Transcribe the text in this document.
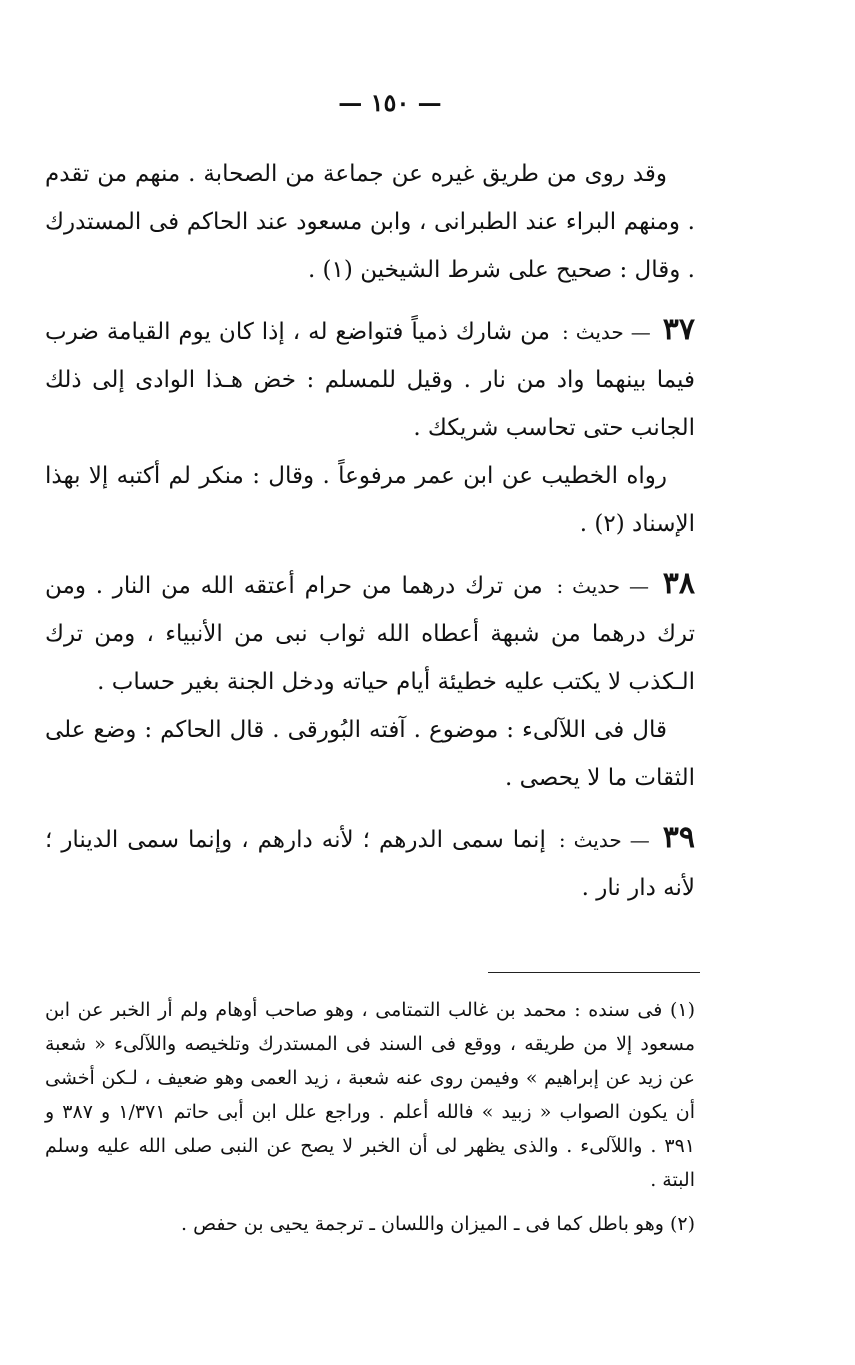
— ١٥٠ —

وقد روى من طريق غيره عن جماعة من الصحابة . منهم من تقدم . ومنهم البراء عند الطبرانى ، وابن مسعود عند الحاكم فى المستدرك . وقال : صحيح على شرط الشيخين (١) .

٣٧ — حديث : من شارك ذمياً فتواضع له ، إذا كان يوم القيامة ضرب فيما بينهما واد من نار . وقيل للمسلم : خض هـذا الوادى إلى ذلك الجانب حتى تحاسب شريكك .

رواه الخطيب عن ابن عمر مرفوعاً . وقال : منكر لم أكتبه إلا بهذا الإسناد (٢) .

٣٨ — حديث : من ترك درهما من حرام أعتقه الله من النار . ومن ترك درهما من شبهة أعطاه الله ثواب نبى من الأنبياء ، ومن ترك الـكذب لا يكتب عليه خطيئة أيام حياته ودخل الجنة بغير حساب .

قال فى اللآلىء : موضوع . آفته البُورقى . قال الحاكم : وضع على الثقات ما لا يحصى .

٣٩ — حديث : إنما سمى الدرهم ؛ لأنه دارهم ، وإنما سمى الدينار ؛ لأنه دار نار .

(١) فى سنده : محمد بن غالب التمتامى ، وهو صاحب أوهام ولم أر الخبر عن ابن مسعود إلا من طريقه ، ووقع فى السند فى المستدرك وتلخيصه واللآلىء « شعبة عن زيد عن إبراهيم » وفيمن روى عنه شعبة ، زيد العمى وهو ضعيف ، لـكن أخشى أن يكون الصواب « زبيد » فالله أعلم . وراجع علل ابن أبى حاتم ١/٣٧١ و ٣٨٧ و ٣٩١ . واللآلىء . والذى يظهر لى أن الخبر لا يصح عن النبى صلى الله عليه وسلم البتة .

(٢) وهو باطل كما فى ـ الميزان واللسان ـ ترجمة يحيى بن حفص .
